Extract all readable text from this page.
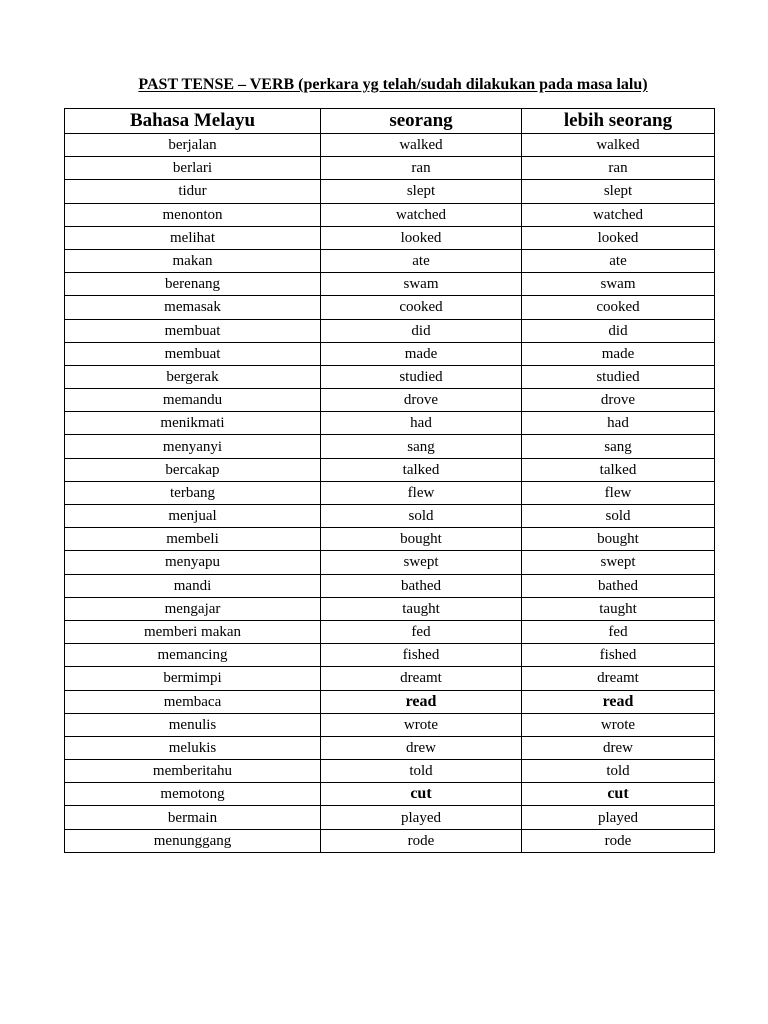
PAST TENSE – VERB (perkara yg telah/sudah dilakukan pada masa lalu)
Bahasa Melayu	seorang	lebih seorang
berjalan	walked	walked
berlari	ran	ran
tidur	slept	slept
menonton	watched	watched
melihat	looked	looked
makan	ate	ate
berenang	swam	swam
memasak	cooked	cooked
membuat	did	did
membuat	made	made
bergerak	studied	studied
memandu	drove	drove
menikmati	had	had
menyanyi	sang	sang
bercakap	talked	talked
terbang	flew	flew
menjual	sold	sold
membeli	bought	bought
menyapu	swept	swept
mandi	bathed	bathed
mengajar	taught	taught
memberi makan	fed	fed
memancing	fished	fished
bermimpi	dreamt	dreamt
membaca	read	read
menulis	wrote	wrote
melukis	drew	drew
memberitahu	told	told
memotong	cut	cut
bermain	played	played
menunggang	rode	rode
